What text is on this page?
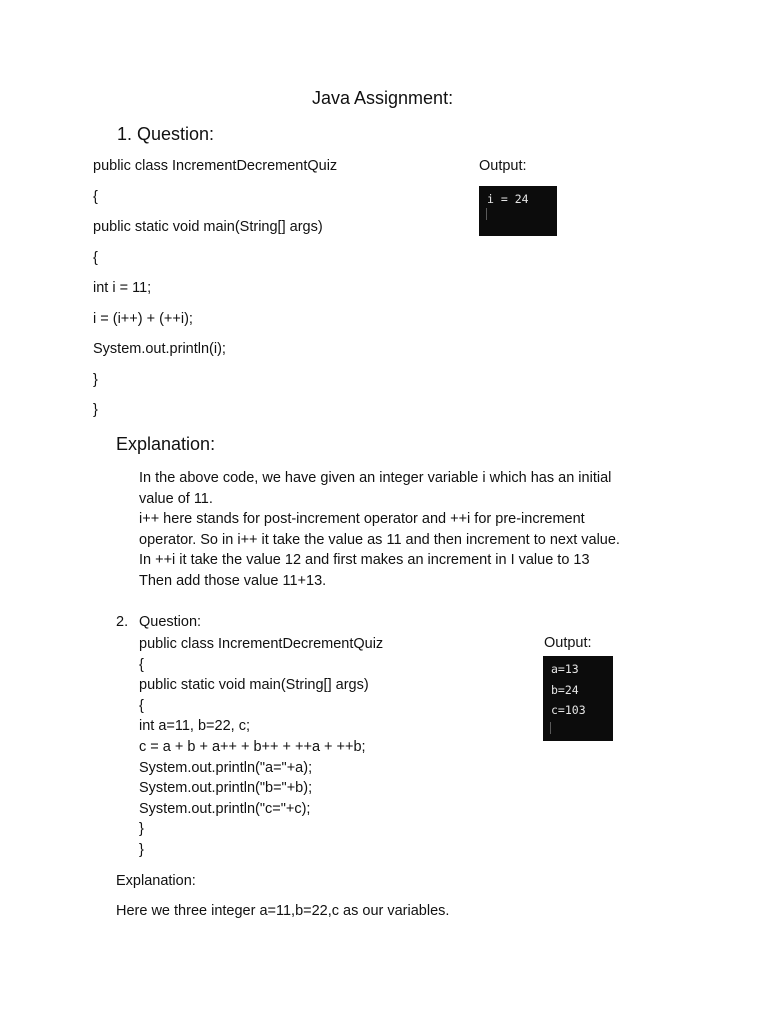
Java Assignment:
1. Question:
public class IncrementDecrementQuiz
{
public static void main(String[] args)
{
int i = 11;
i = (i++) + (++i);
System.out.println(i);
}
}
Output:
i = 24
Explanation:
In the above code, we have given an integer variable i which has an initial
value of 11.
i++ here stands for post-increment operator and ++i for pre-increment
operator. So in i++ it take the value as 11 and then increment to next value.
In ++i it take the value 12 and first makes an increment in I value to 13
Then add those value 11+13.
2. Question:
public class IncrementDecrementQuiz
{
public static void main(String[] args)
{
int a=11, b=22, c;
c = a + b + a++ + b++ + ++a + ++b;
System.out.println("a="+a);
System.out.println("b="+b);
System.out.println("c="+c);
}
}
Output:
a=13
b=24
c=103
Explanation:
Here we three integer a=11,b=22,c as our variables.
